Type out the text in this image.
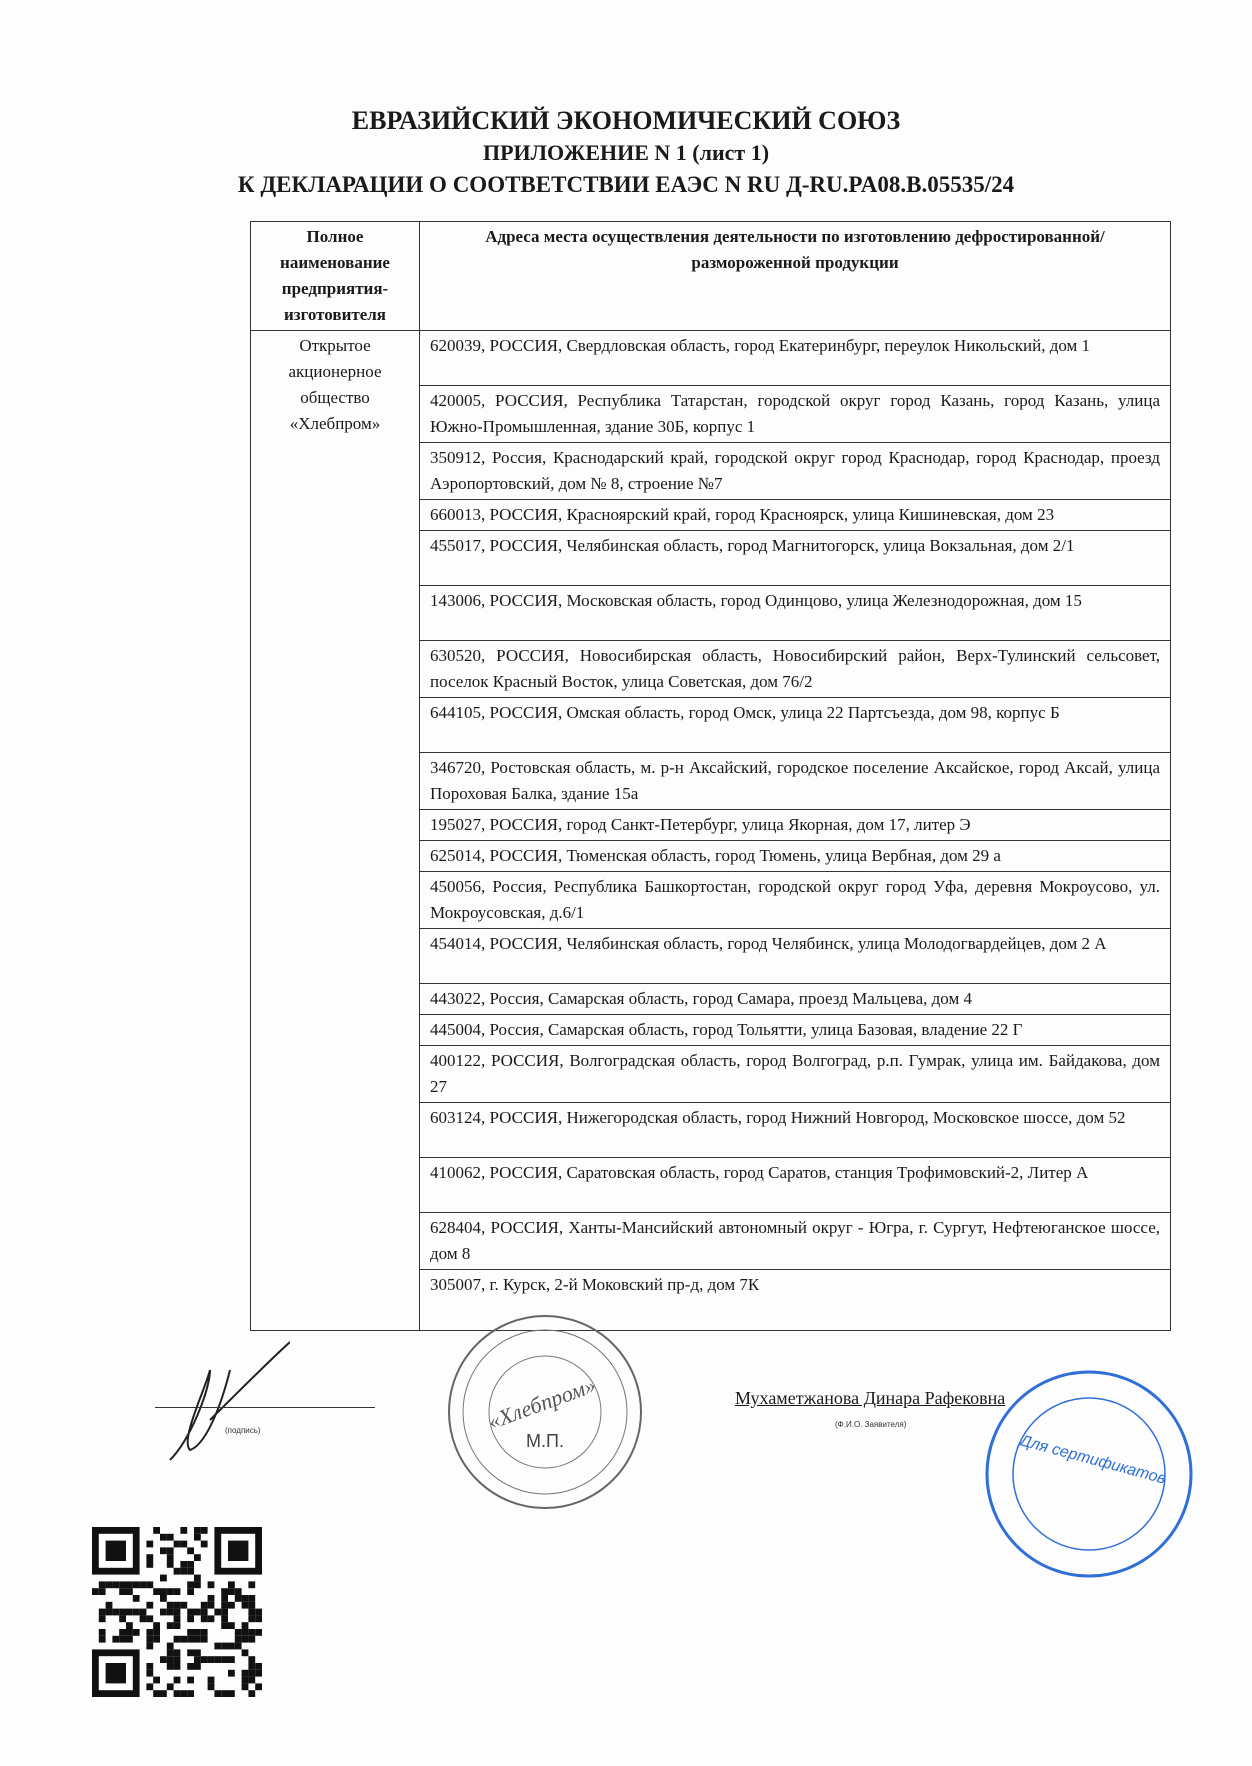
ЕВРАЗИЙСКИЙ ЭКОНОМИЧЕСКИЙ СОЮЗ
ПРИЛОЖЕНИЕ N 1 (лист 1)
К ДЕКЛАРАЦИИ О СООТВЕТСТВИИ ЕАЭС N RU Д-RU.PA08.B.05535/24
Полное наименование предприятия-изготовителя	Адреса места осуществления деятельности по изготовлению дефростированной/размороженной продукции
Открытое акционерное общество «Хлебпром»	620039, РОССИЯ, Свердловская область, город Екатеринбург, переулок Никольский, дом 1
	420005, РОССИЯ, Республика Татарстан, городской округ город Казань, город Казань, улица Южно-Промышленная, здание 30Б, корпус 1
	350912, Россия, Краснодарский край, городской округ город Краснодар, город Краснодар, проезд Аэропортовский, дом № 8, строение №7
	660013, РОССИЯ, Красноярский край, город Красноярск, улица Кишиневская, дом 23
	455017, РОССИЯ, Челябинская область, город Магнитогорск, улица Вокзальная, дом 2/1
	143006, РОССИЯ, Московская область, город Одинцово, улица Железнодорожная, дом 15
	630520, РОССИЯ, Новосибирская область, Новосибирский район, Верх-Тулинский сельсовет, поселок Красный Восток, улица Советская, дом 76/2
	644105, РОССИЯ, Омская область, город Омск, улица 22 Партсъезда, дом 98, корпус Б
	346720, Ростовская область, м. р-н Аксайский, городское поселение Аксайское, город Аксай, улица Пороховая Балка, здание 15а
	195027, РОССИЯ, город Санкт-Петербург, улица Якорная, дом 17, литер Э
	625014, РОССИЯ, Тюменская область, город Тюмень, улица Вербная, дом 29 а
	450056, Россия, Республика Башкортостан, городской округ город Уфа, деревня Мокроусово, ул. Мокроусовская, д.6/1
	454014, РОССИЯ, Челябинская область, город Челябинск, улица Молодогвардейцев, дом 2 А
	443022, Россия, Самарская область, город Самара, проезд Мальцева, дом 4
	445004, Россия, Самарская область, город Тольятти, улица Базовая, владение 22 Г
	400122, РОССИЯ, Волгоградская область, город Волгоград, р.п. Гумрак, улица им. Байдакова, дом 27
	603124, РОССИЯ, Нижегородская область, город Нижний Новгород, Московское шоссе, дом 52
	410062, РОССИЯ, Саратовская область, город Саратов, станция Трофимовский-2, Литер А
	628404, РОССИЯ, Ханты-Мансийский автономный округ - Югра, г. Сургут, Нефтеюганское шоссе, дом 8
	305007, г. Курск, 2-й Моковский пр-д, дом 7К
(подпись)	«Хлебпром»
М.П.
Мухаметжанова Динара Рафековна
(Ф.И.О. Заявителя)
Для сертификатов
